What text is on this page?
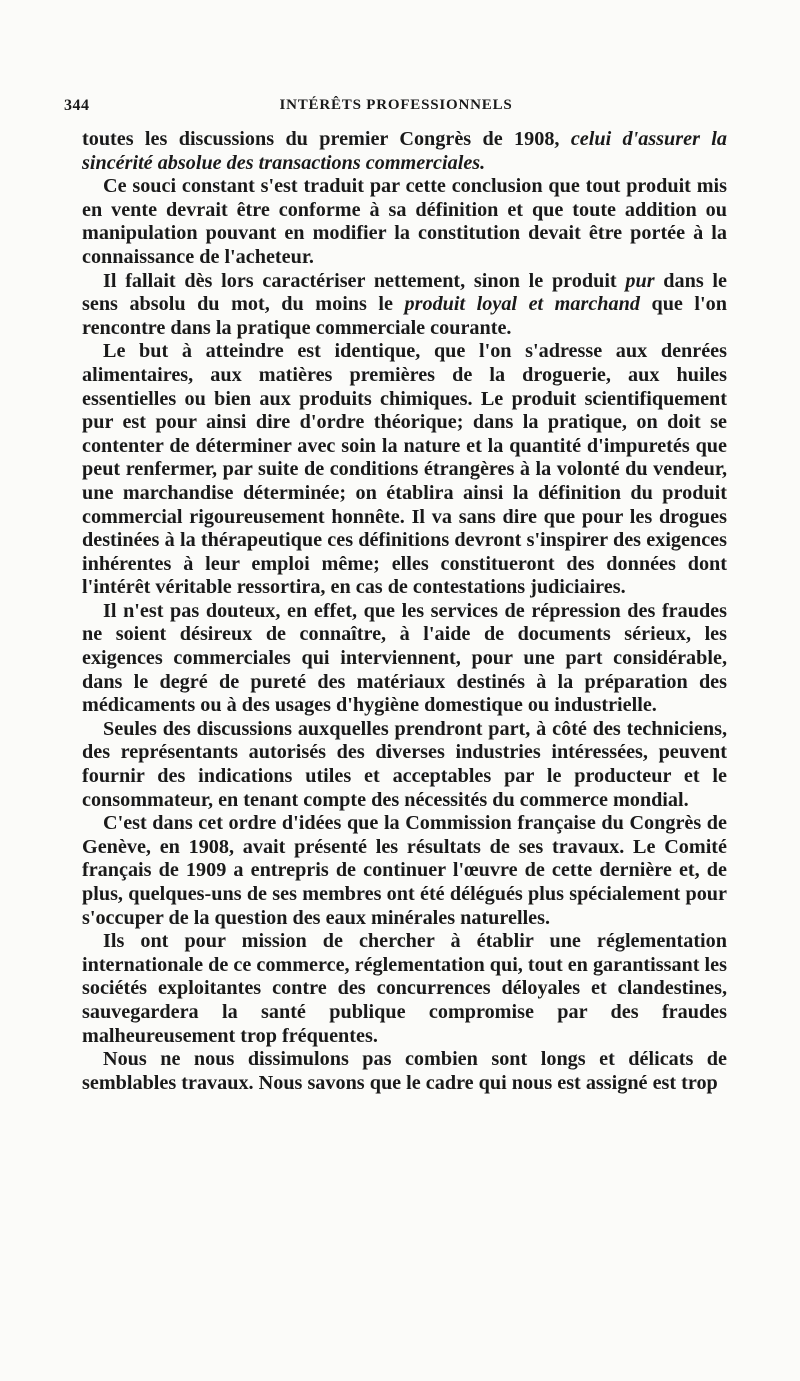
344	INTÉRÊTS PROFESSIONNELS

toutes les discussions du premier Congrès de 1908, celui d'assurer la sincérité absolue des transactions commerciales.

Ce souci constant s'est traduit par cette conclusion que tout produit mis en vente devrait être conforme à sa définition et que toute addition ou manipulation pouvant en modifier la constitution devait être portée à la connaissance de l'acheteur.

Il fallait dès lors caractériser nettement, sinon le produit pur dans le sens absolu du mot, du moins le produit loyal et marchand que l'on rencontre dans la pratique commerciale courante.

Le but à atteindre est identique, que l'on s'adresse aux denrées alimentaires, aux matières premières de la droguerie, aux huiles essentielles ou bien aux produits chimiques. Le produit scientifiquement pur est pour ainsi dire d'ordre théorique; dans la pratique, on doit se contenter de déterminer avec soin la nature et la quantité d'impuretés que peut renfermer, par suite de conditions étrangères à la volonté du vendeur, une marchandise déterminée; on établira ainsi la définition du produit commercial rigoureusement honnête. Il va sans dire que pour les drogues destinées à la thérapeutique ces définitions devront s'inspirer des exigences inhérentes à leur emploi même; elles constitueront des données dont l'intérêt véritable ressortira, en cas de contestations judiciaires.

Il n'est pas douteux, en effet, que les services de répression des fraudes ne soient désireux de connaître, à l'aide de documents sérieux, les exigences commerciales qui interviennent, pour une part considérable, dans le degré de pureté des matériaux destinés à la préparation des médicaments ou à des usages d'hygiène domestique ou industrielle.

Seules des discussions auxquelles prendront part, à côté des techniciens, des représentants autorisés des diverses industries intéressées, peuvent fournir des indications utiles et acceptables par le producteur et le consommateur, en tenant compte des nécessités du commerce mondial.

C'est dans cet ordre d'idées que la Commission française du Congrès de Genève, en 1908, avait présenté les résultats de ses travaux. Le Comité français de 1909 a entrepris de continuer l'œuvre de cette dernière et, de plus, quelques-uns de ses membres ont été délégués plus spécialement pour s'occuper de la question des eaux minérales naturelles.

Ils ont pour mission de chercher à établir une réglementation internationale de ce commerce, réglementation qui, tout en garantissant les sociétés exploitantes contre des concurrences déloyales et clandestines, sauvegardera la santé publique compromise par des fraudes malheureusement trop fréquentes.

Nous ne nous dissimulons pas combien sont longs et délicats de semblables travaux. Nous savons que le cadre qui nous est assigné est trop
